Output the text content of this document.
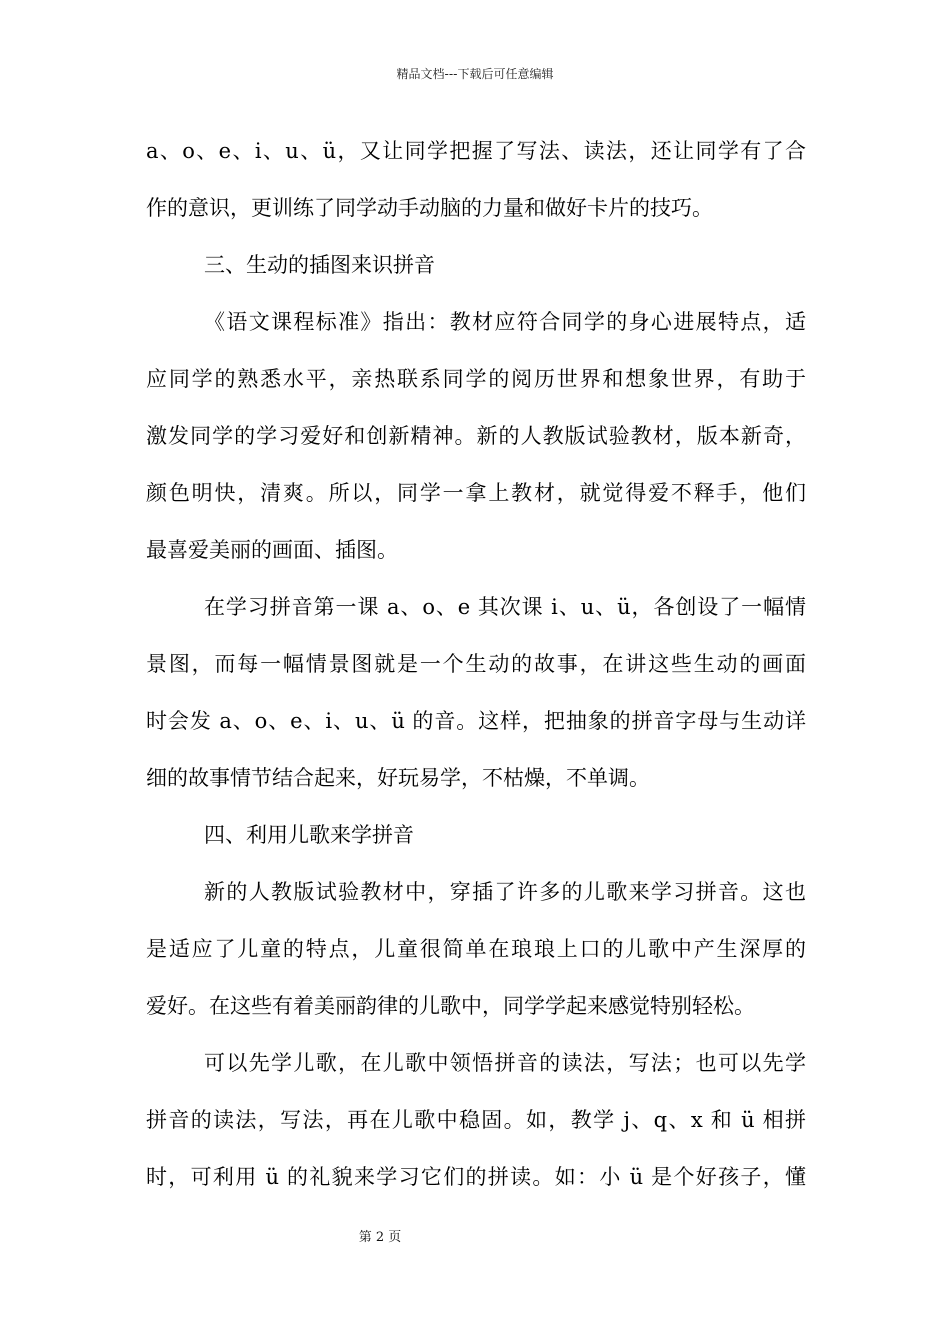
精品文档---下载后可任意编辑
a、o、e、i、u、ü，又让同学把握了写法、读法，还让同学有了合
作的意识，更训练了同学动手动脑的力量和做好卡片的技巧。
三、生动的插图来识拼音
《语文课程标准》指出：教材应符合同学的身心进展特点，适
应同学的熟悉水平，亲热联系同学的阅历世界和想象世界，有助于
激发同学的学习爱好和创新精神。新的人教版试验教材，版本新奇，
颜色明快，清爽。所以，同学一拿上教材，就觉得爱不释手，他们
最喜爱美丽的画面、插图。
在学习拼音第一课 a、o、e 其次课 i、u、ü，各创设了一幅情
景图，而每一幅情景图就是一个生动的故事，在讲这些生动的画面
时会发 a、o、e、i、u、ü 的音。这样，把抽象的拼音字母与生动详
细的故事情节结合起来，好玩易学，不枯燥，不单调。
四、利用儿歌来学拼音
新的人教版试验教材中，穿插了许多的儿歌来学习拼音。这也
是适应了儿童的特点，儿童很简单在琅琅上口的儿歌中产生深厚的
爱好。在这些有着美丽韵律的儿歌中，同学学起来感觉特别轻松。
可以先学儿歌，在儿歌中领悟拼音的读法，写法；也可以先学
拼音的读法，写法，再在儿歌中稳固。如，教学 j、q、x 和 ü 相拼
时，可利用 ü 的礼貌来学习它们的拼读。如：小 ü 是个好孩子，懂
第 2 页
